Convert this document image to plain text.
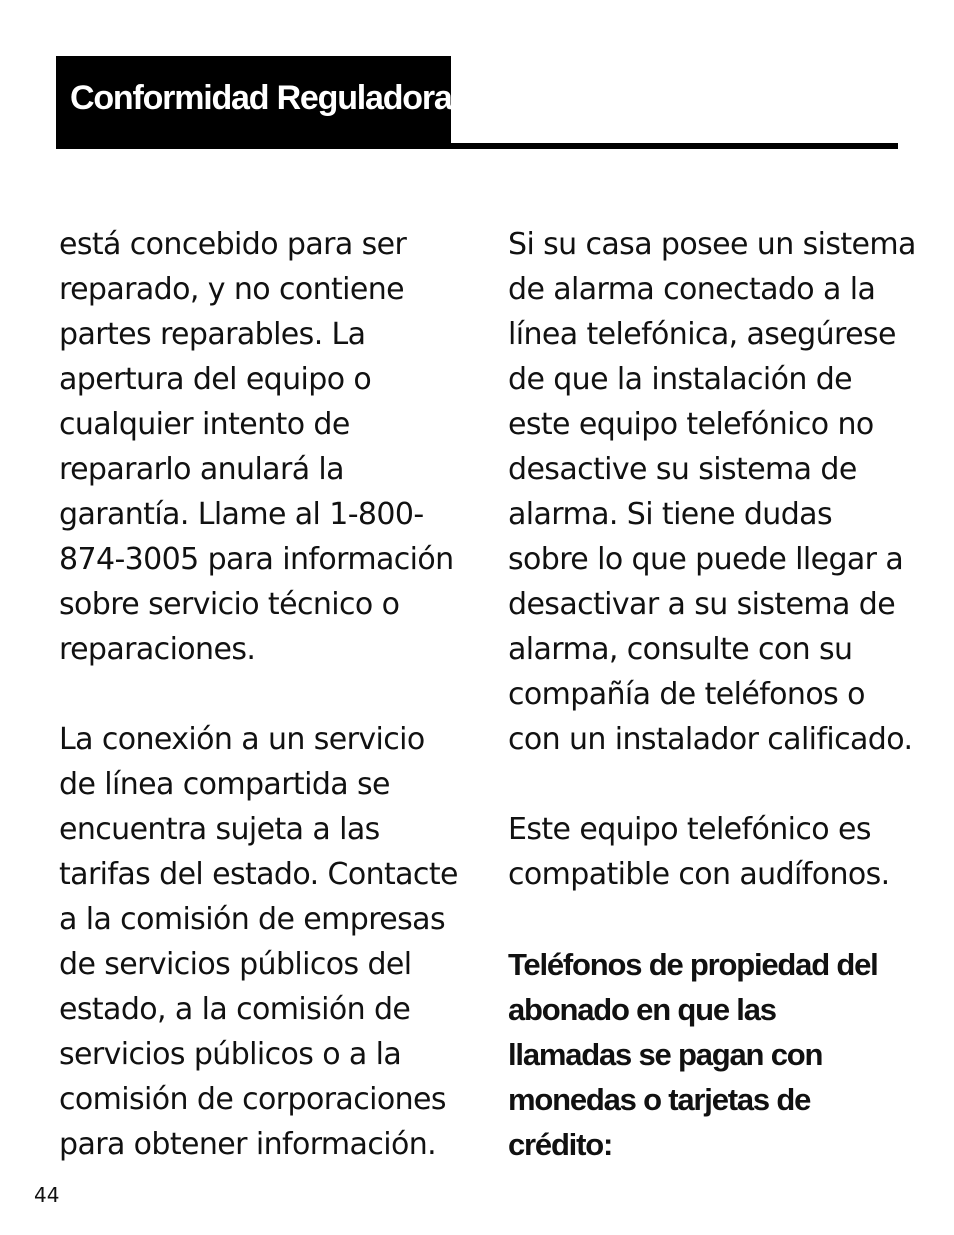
Conformidad Reguladora
está concebido para ser
reparado, y no contiene
partes reparables. La
apertura del equipo o
cualquier intento de
repararlo anulará la
garantía. Llame al 1-800-
874-3005 para información
sobre servicio técnico o
reparaciones.
La conexión a un servicio
de línea compartida se
encuentra sujeta a las
tarifas del estado. Contacte
a la comisión de empresas
de servicios públicos del
estado, a la comisión de
servicios públicos o a la
comisión de corporaciones
para obtener información.
Si su casa posee un sistema
de alarma conectado a la
línea telefónica, asegúrese
de que la instalación de
este equipo telefónico no
desactive su sistema de
alarma. Si tiene dudas
sobre lo que puede llegar a
desactivar a su sistema de
alarma, consulte con su
compañía de teléfonos o
con un instalador calificado.
Este equipo telefónico es
compatible con audífonos.
Teléfonos de propiedad del
abonado en que las
llamadas se pagan con
monedas o tarjetas de
crédito:
44
